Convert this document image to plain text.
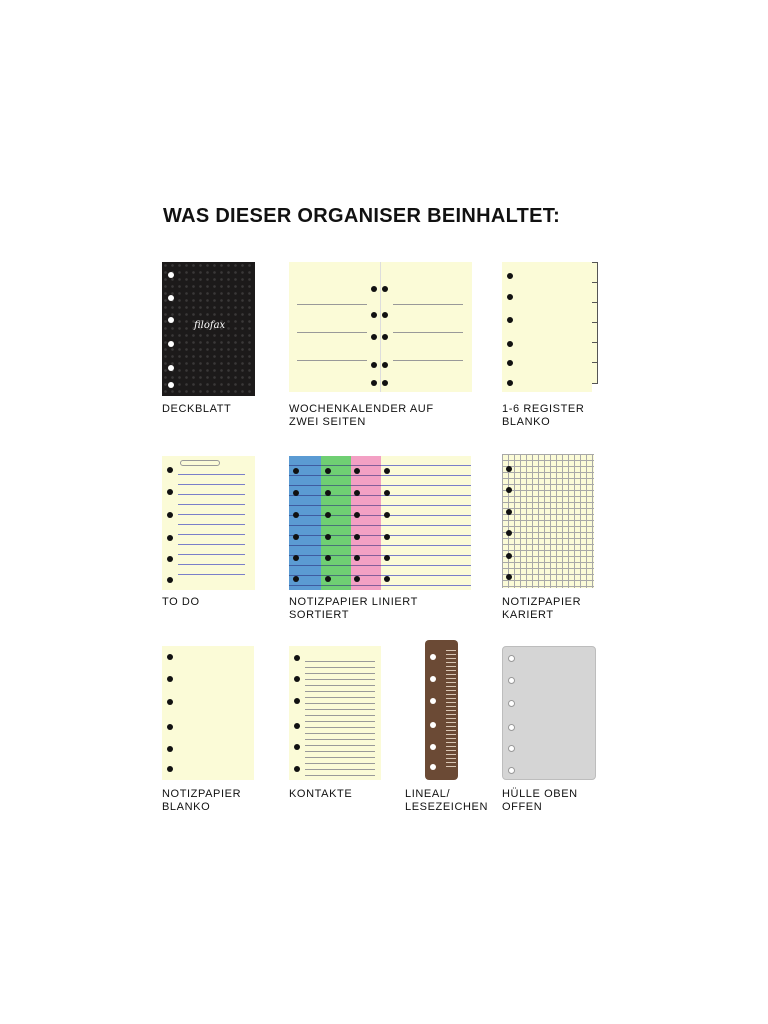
WAS DIESER ORGANISER BEINHALTET:
filofax
DECKBLATT	WOCHENKALENDER AUF
ZWEI SEITEN
1-6 REGISTER
BLANKO
TO DO	NOTIZPAPIER LINIERT
SORTIERT
NOTIZPAPIER
KARIERT
NOTIZPAPIER
BLANKO
KONTAKTE	LINEAL/
LESEZEICHEN
HÜLLE OBEN
OFFEN
